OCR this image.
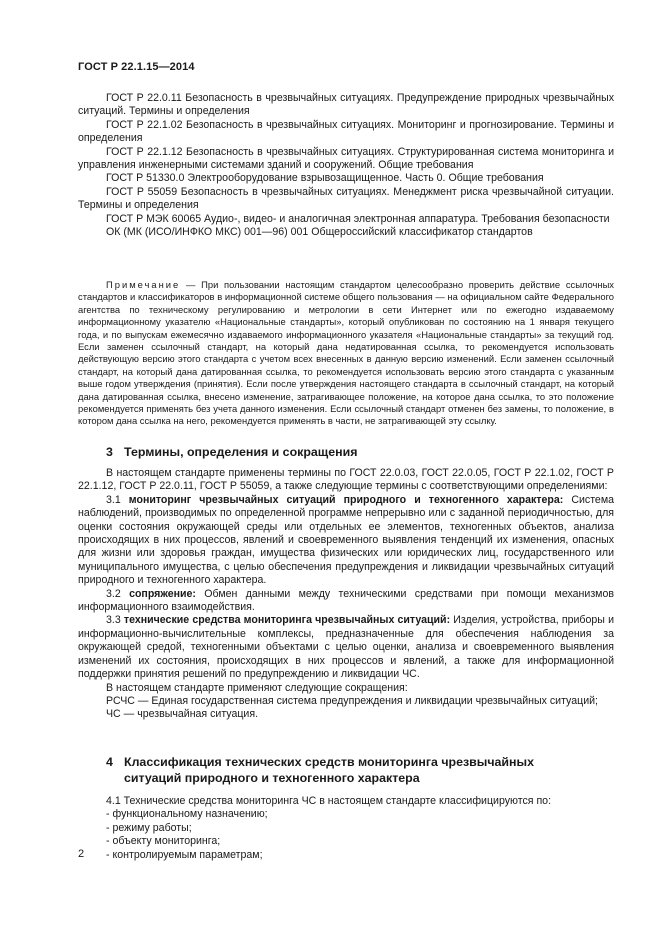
ГОСТ Р 22.1.15—2014

ГОСТ Р 22.0.11 Безопасность в чрезвычайных ситуациях. Предупреждение природных чрезвычайных ситуаций. Термины и определения

ГОСТ Р 22.1.02 Безопасность в чрезвычайных ситуациях. Мониторинг и прогнозирование. Термины и определения

ГОСТ Р 22.1.12 Безопасность в чрезвычайных ситуациях. Структурированная система мониторинга и управления инженерными системами зданий и сооружений. Общие требования

ГОСТ Р 51330.0 Электрооборудование взрывозащищенное. Часть 0. Общие требования

ГОСТ Р 55059 Безопасность в чрезвычайных ситуациях. Менеджмент риска чрезвычайной ситуации. Термины и определения

ГОСТ Р МЭК 60065 Аудио-, видео- и аналогичная электронная аппаратура. Требования безопасности

ОК (МК (ИСО/ИНФКО МКС) 001—96) 001 Общероссийский классификатор стандартов

Примечание — При пользовании настоящим стандартом целесообразно проверить действие ссылочных стандартов и классификаторов в информационной системе общего пользования — на официальном сайте Федерального агентства по техническому регулированию и метрологии в сети Интернет или по ежегодно издаваемому информационному указателю «Национальные стандарты», который опубликован по состоянию на 1 января текущего года, и по выпускам ежемесячно издаваемого информационного указателя «Национальные стандарты» за текущий год. Если заменен ссылочный стандарт, на который дана недатированная ссылка, то рекомендуется использовать действующую версию этого стандарта с учетом всех внесенных в данную версию изменений. Если заменен ссылочный стандарт, на который дана датированная ссылка, то рекомендуется использовать версию этого стандарта с указанным выше годом утверждения (принятия). Если после утверждения настоящего стандарта в ссылочный стандарт, на который дана датированная ссылка, внесено изменение, затрагивающее положение, на которое дана ссылка, то это положение рекомендуется применять без учета данного изменения. Если ссылочный стандарт отменен без замены, то положение, в котором дана ссылка на него, рекомендуется применять в части, не затрагивающей эту ссылку.

3 Термины, определения и сокращения

В настоящем стандарте применены термины по ГОСТ 22.0.03, ГОСТ 22.0.05, ГОСТ Р 22.1.02, ГОСТ Р 22.1.12, ГОСТ Р 22.0.11, ГОСТ Р 55059, а также следующие термины с соответствующими определениями:

3.1 мониторинг чрезвычайных ситуаций природного и техногенного характера: Система наблюдений, производимых по определенной программе непрерывно или с заданной периодичностью, для оценки состояния окружающей среды или отдельных ее элементов, техногенных объектов, анализа происходящих в них процессов, явлений и своевременного выявления тенденций их изменения, опасных для жизни или здоровья граждан, имущества физических или юридических лиц, государственного или муниципального имущества, с целью обеспечения предупреждения и ликвидации чрезвычайных ситуаций природного и техногенного характера.

3.2 сопряжение: Обмен данными между техническими средствами при помощи механизмов информационного взаимодействия.

3.3 технические средства мониторинга чрезвычайных ситуаций: Изделия, устройства, приборы и информационно-вычислительные комплексы, предназначенные для обеспечения наблюдения за окружающей средой, техногенными объектами с целью оценки, анализа и своевременного выявления изменений их состояния, происходящих в них процессов и явлений, а также для информационной поддержки принятия решений по предупреждению и ликвидации ЧС.

В настоящем стандарте применяют следующие сокращения:

РСЧС — Единая государственная система предупреждения и ликвидации чрезвычайных ситуаций;

ЧС — чрезвычайная ситуация.

4 Классификация технических средств мониторинга чрезвычайных

ситуаций природного и техногенного характера

4.1 Технические средства мониторинга ЧС в настоящем стандарте классифицируются по:

- функциональному назначению;

- режиму работы;

- объекту мониторинга;

- контролируемым параметрам;

2
